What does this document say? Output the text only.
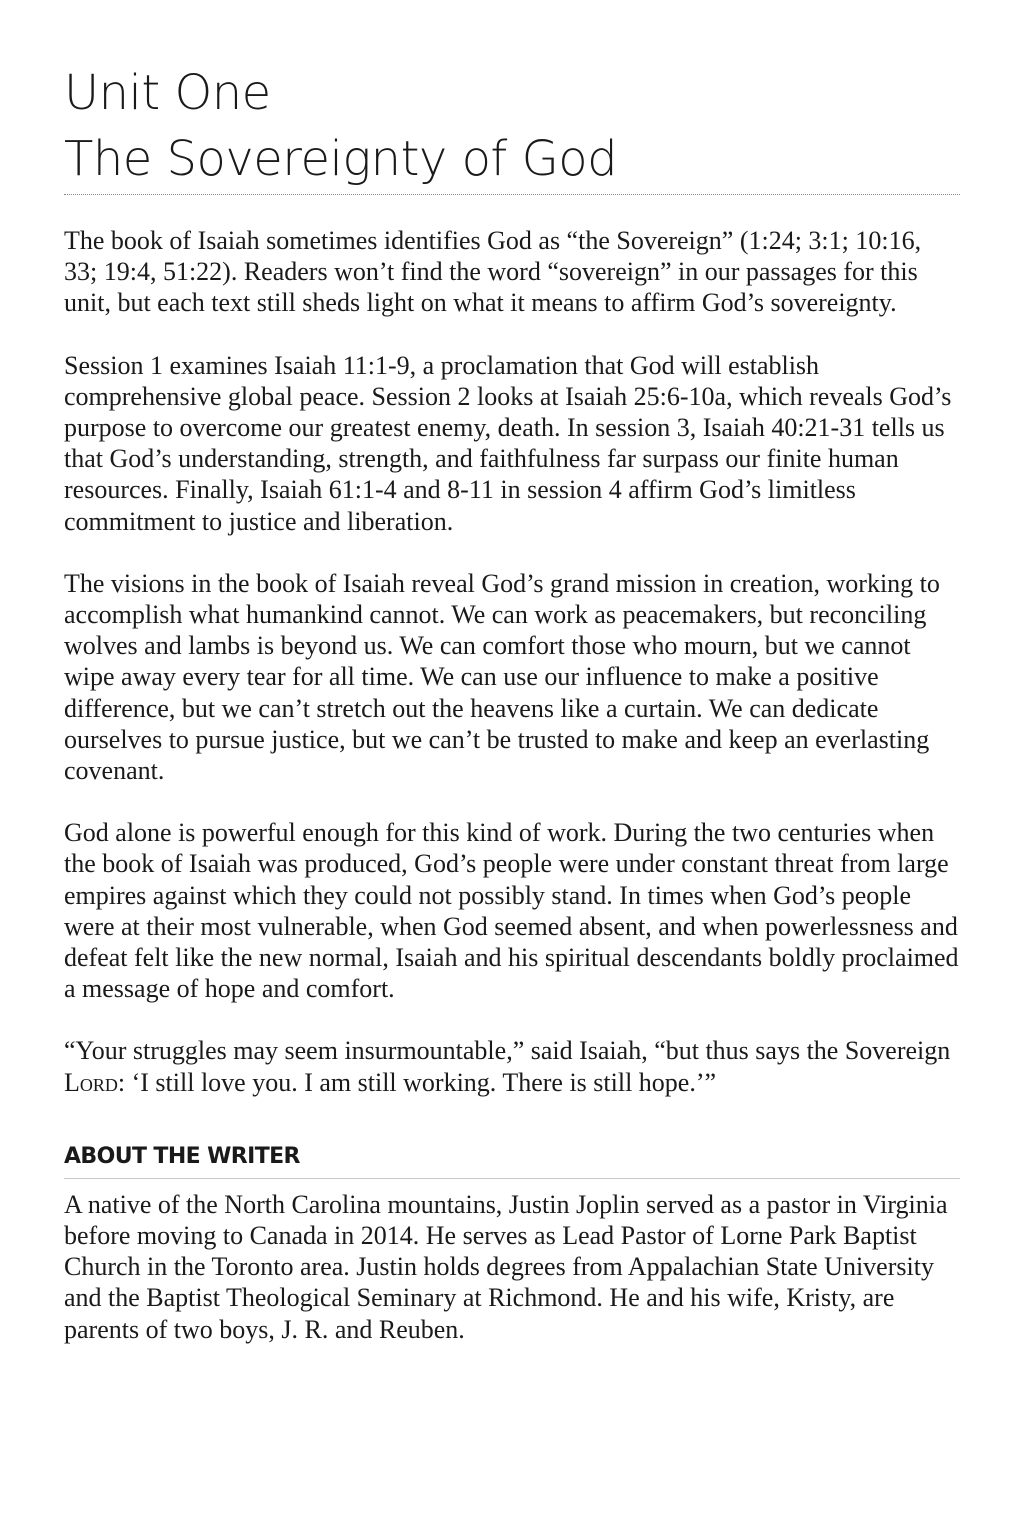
Unit One
The Sovereignty of God

The book of Isaiah sometimes identifies God as “the Sovereign” (1:24; 3:1; 10:16, 33; 19:4, 51:22). Readers won’t find the word “sovereign” in our passages for this unit, but each text still sheds light on what it means to affirm God’s sovereignty.

Session 1 examines Isaiah 11:1-9, a proclamation that God will establish comprehensive global peace. Session 2 looks at Isaiah 25:6-10a, which reveals God’s purpose to overcome our greatest enemy, death. In session 3, Isaiah 40:21-31 tells us that God’s understanding, strength, and faithfulness far surpass our finite human resources. Finally, Isaiah 61:1-4 and 8-11 in session 4 affirm God’s limitless commitment to justice and liberation.

The visions in the book of Isaiah reveal God’s grand mission in creation, working to accomplish what humankind cannot. We can work as peacemakers, but reconciling wolves and lambs is beyond us. We can comfort those who mourn, but we cannot wipe away every tear for all time. We can use our influence to make a positive difference, but we can’t stretch out the heavens like a curtain. We can dedicate ourselves to pursue justice, but we can’t be trusted to make and keep an everlasting covenant.

God alone is powerful enough for this kind of work. During the two centuries when the book of Isaiah was produced, God’s people were under constant threat from large empires against which they could not possibly stand. In times when God’s people were at their most vulnerable, when God seemed absent, and when powerlessness and defeat felt like the new normal, Isaiah and his spiritual descendants boldly proclaimed a message of hope and comfort.

“Your struggles may seem insurmountable,” said Isaiah, “but thus says the Sovereign Lord: ‘I still love you. I am still working. There is still hope.’”

ABOUT THE WRITER

A native of the North Carolina mountains, Justin Joplin served as a pastor in Virginia before moving to Canada in 2014. He serves as Lead Pastor of Lorne Park Baptist Church in the Toronto area. Justin holds degrees from Appalachian State University and the Baptist Theological Seminary at Richmond. He and his wife, Kristy, are parents of two boys, J. R. and Reuben.
